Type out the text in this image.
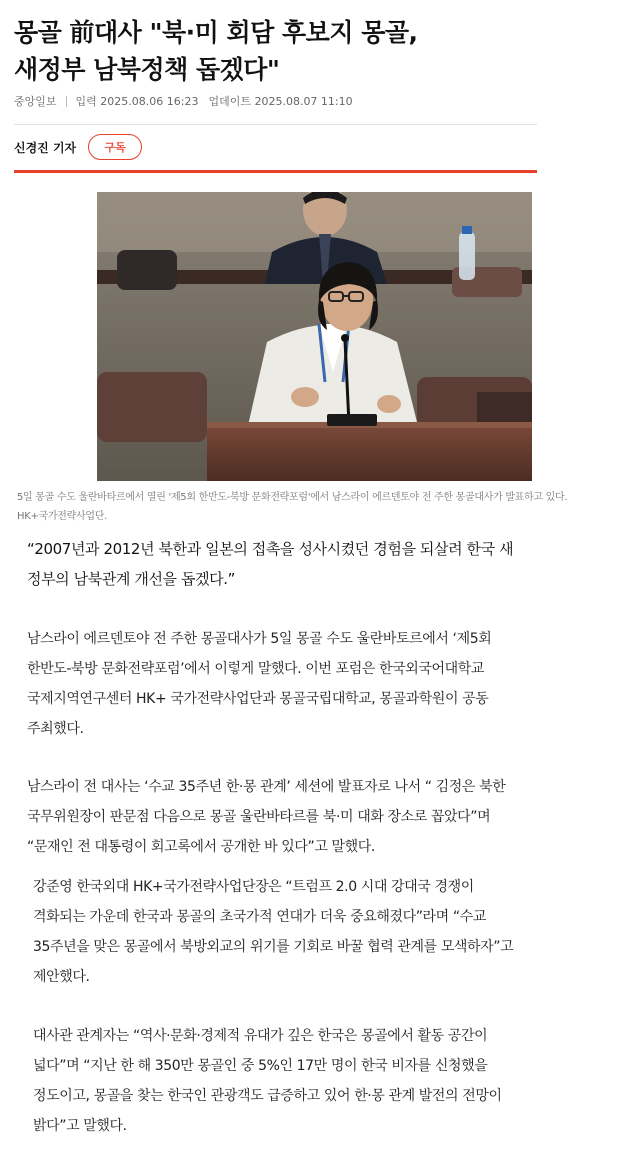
몽골 前대사 "북·미 회담 후보지 몽골,
새정부 남북정책 돕겠다"
중앙일보 입력 2025.08.06 16:23 업데이트 2025.08.07 11:10
신경진 기자	구독
5일 몽골 수도 울란바타르에서 열린 '제5회 한반도-북방 문화전략포럼'에서 남스라이 에르덴토야 전 주한 몽골대사가 발표하고 있다.
HK+국가전략사업단.
“2007년과 2012년 북한과 일본의 접촉을 성사시켰던 경험을 되살려 한국 새
정부의 남북관계 개선을 돕겠다.”
남스라이 에르덴토야 전 주한 몽골대사가 5일 몽골 수도 울란바토르에서 ‘제5회
한반도-북방 문화전략포럼’에서 이렇게 말했다. 이번 포럼은 한국외국어대학교
국제지역연구센터 HK+ 국가전략사업단과 몽골국립대학교, 몽골과학원이 공동
주최했다.
남스라이 전 대사는 ‘수교 35주년 한·몽 관계’ 세션에 발표자로 나서 “ 김정은 북한
국무위원장이 판문점 다음으로 몽골 울란바타르를 북·미 대화 장소로 꼽았다”며
“문재인 전 대통령이 회고록에서 공개한 바 있다”고 말했다.
강준영 한국외대 HK+국가전략사업단장은 “트럼프 2.0 시대 강대국 경쟁이
격화되는 가운데 한국과 몽골의 초국가적 연대가 더욱 중요해졌다”라며 “수교
35주년을 맞은 몽골에서 북방외교의 위기를 기회로 바꿀 협력 관계를 모색하자”고
제안했다.
대사관 관계자는 “역사·문화·경제적 유대가 깊은 한국은 몽골에서 활동 공간이
넓다”며 “지난 한 해 350만 몽골인 중 5%인 17만 명이 한국 비자를 신청했을
정도이고, 몽골을 찾는 한국인 관광객도 급증하고 있어 한·몽 관계 발전의 전망이
밝다”고 말했다.
